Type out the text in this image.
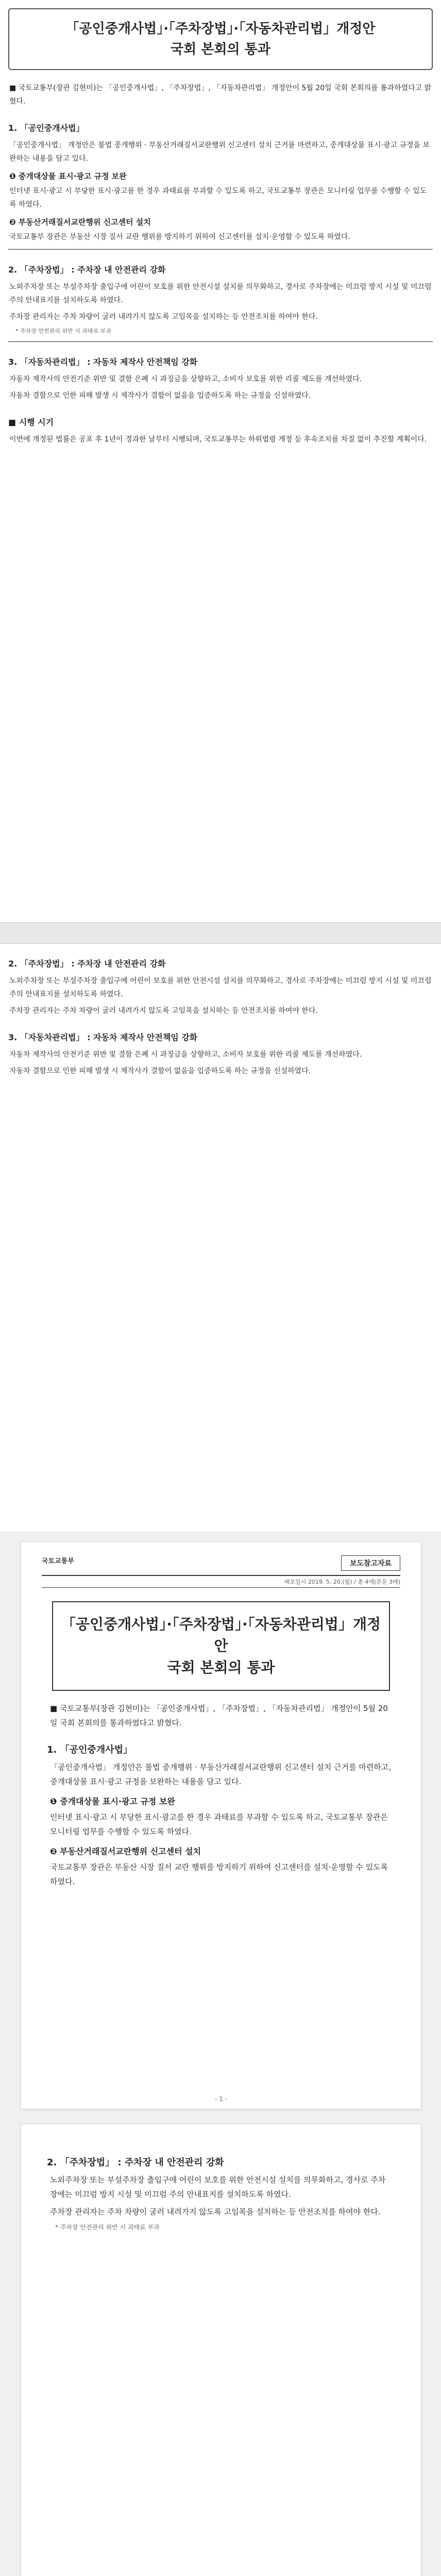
「공인중개사법」·「주차장법」·「자동차관리법」개정안
국회 본회의 통과

■ 국토교통부(장관 김현미)는 「공인중개사법」, 「주차장법」, 「자동차관리법」 개정안이 5월 20일 국회 본회의를 통과하였다고 밝혔다.

1. 「공인중개사법」

「공인중개사법」 개정안은 불법 중개행위 · 부동산거래질서교란행위 신고센터 설치 근거를 마련하고, 중개대상물 표시·광고 규정을 보완하는 내용을 담고 있다.

❶ 중개대상물 표시·광고 규정 보완

인터넷 표시·광고 시 부당한 표시·광고를 한 경우 과태료를 부과할 수 있도록 하고, 국토교통부 장관은 모니터링 업무를 수행할 수 있도록 하였다.

❷ 부동산거래질서교란행위 신고센터 설치

국토교통부 장관은 부동산 시장 질서 교란 행위를 방지하기 위하여 신고센터를 설치·운영할 수 있도록 하였다.

2. 「주차장법」 : 주차장 내 안전관리 강화

노외주차장 또는 부설주차장 출입구에 어린이 보호를 위한 안전시설 설치를 의무화하고, 경사로 주차장에는 미끄럼 방지 시설 및 미끄럼 주의 안내표지를 설치하도록 하였다.

주차장 관리자는 주차 차량이 굴러 내려가지 않도록 고임목을 설치하는 등 안전조치를 하여야 한다.

* 주차장 안전관리 위반 시 과태료 부과
3. 「자동차관리법」 : 자동차 제작사 안전책임 강화

자동차 제작사의 안전기준 위반 및 결함 은폐 시 과징금을 상향하고, 소비자 보호를 위한 리콜 제도를 개선하였다.

자동차 결함으로 인한 피해 발생 시 제작사가 결함이 없음을 입증하도록 하는 규정을 신설하였다.

■ 시행 시기

이번에 개정된 법률은 공포 후 1년이 경과한 날부터 시행되며, 국토교통부는 하위법령 개정 등 후속조치를 차질 없이 추진할 계획이다.

2. 「주차장법」 : 주차장 내 안전관리 강화

노외주차장 또는 부설주차장 출입구에 어린이 보호를 위한 안전시설 설치를 의무화하고, 경사로 주차장에는 미끄럼 방지 시설 및 미끄럼 주의 안내표지를 설치하도록 하였다.

주차장 관리자는 주차 차량이 굴러 내려가지 않도록 고임목을 설치하는 등 안전조치를 하여야 한다.

3. 「자동차관리법」 : 자동차 제작사 안전책임 강화

자동차 제작사의 안전기준 위반 및 결함 은폐 시 과징금을 상향하고, 소비자 보호를 위한 리콜 제도를 개선하였다.

자동차 결함으로 인한 피해 발생 시 제작사가 결함이 없음을 입증하도록 하는 규정을 신설하였다.

국토교통부	보도참고자료
배포일시 2019. 5. 20.(월) / 총 4매(본문 3매)
「공인중개사법」·「주차장법」·「자동차관리법」개정안
국회 본회의 통과

■ 국토교통부(장관 김현미)는 「공인중개사법」, 「주차장법」, 「자동차관리법」 개정안이 5월 20일 국회 본회의를 통과하였다고 밝혔다.

1. 「공인중개사법」

「공인중개사법」 개정안은 불법 중개행위 · 부동산거래질서교란행위 신고센터 설치 근거를 마련하고, 중개대상물 표시·광고 규정을 보완하는 내용을 담고 있다.

❶ 중개대상물 표시·광고 규정 보완

인터넷 표시·광고 시 부당한 표시·광고를 한 경우 과태료를 부과할 수 있도록 하고, 국토교통부 장관은 모니터링 업무를 수행할 수 있도록 하였다.

❷ 부동산거래질서교란행위 신고센터 설치

국토교통부 장관은 부동산 시장 질서 교란 행위를 방지하기 위하여 신고센터를 설치·운영할 수 있도록 하였다.

- 1 -
2. 「주차장법」 : 주차장 내 안전관리 강화

노외주차장 또는 부설주차장 출입구에 어린이 보호를 위한 안전시설 설치를 의무화하고, 경사로 주차장에는 미끄럼 방지 시설 및 미끄럼 주의 안내표지를 설치하도록 하였다.

주차장 관리자는 주차 차량이 굴러 내려가지 않도록 고임목을 설치하는 등 안전조치를 하여야 한다.

* 주차장 안전관리 위반 시 과태료 부과
